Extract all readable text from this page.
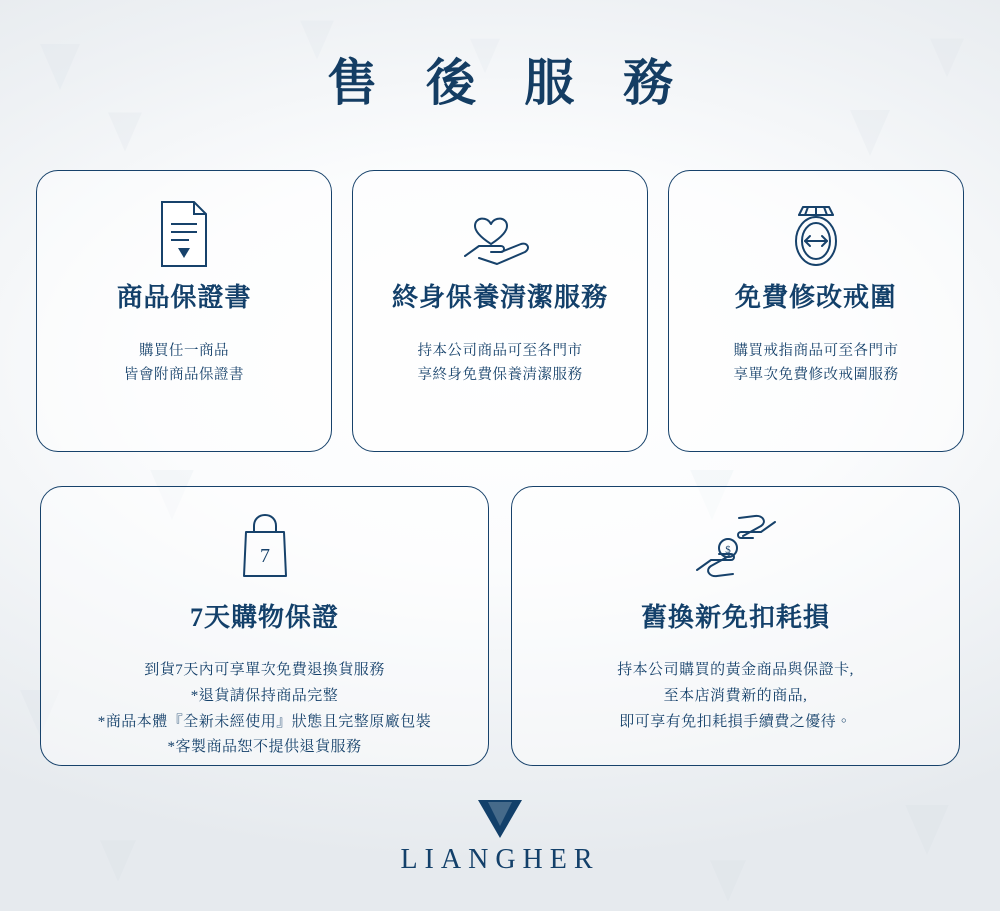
售 後 服 務
商品保證書
購買任一商品
皆會附商品保證書
終身保養清潔服務
持本公司商品可至各門市
享終身免費保養清潔服務
免費修改戒圍
購買戒指商品可至各門市
享單次免費修改戒圍服務
7
7天購物保證
到貨7天內可享單次免費退換貨服務
*退貨請保持商品完整
*商品本體『全新未經使用』狀態且完整原廠包裝
*客製商品恕不提供退貨服務
$
舊換新免扣耗損
持本公司購買的黃金商品與保證卡,
至本店消費新的商品,
即可享有免扣耗損手續費之優待。
LIANGHER
